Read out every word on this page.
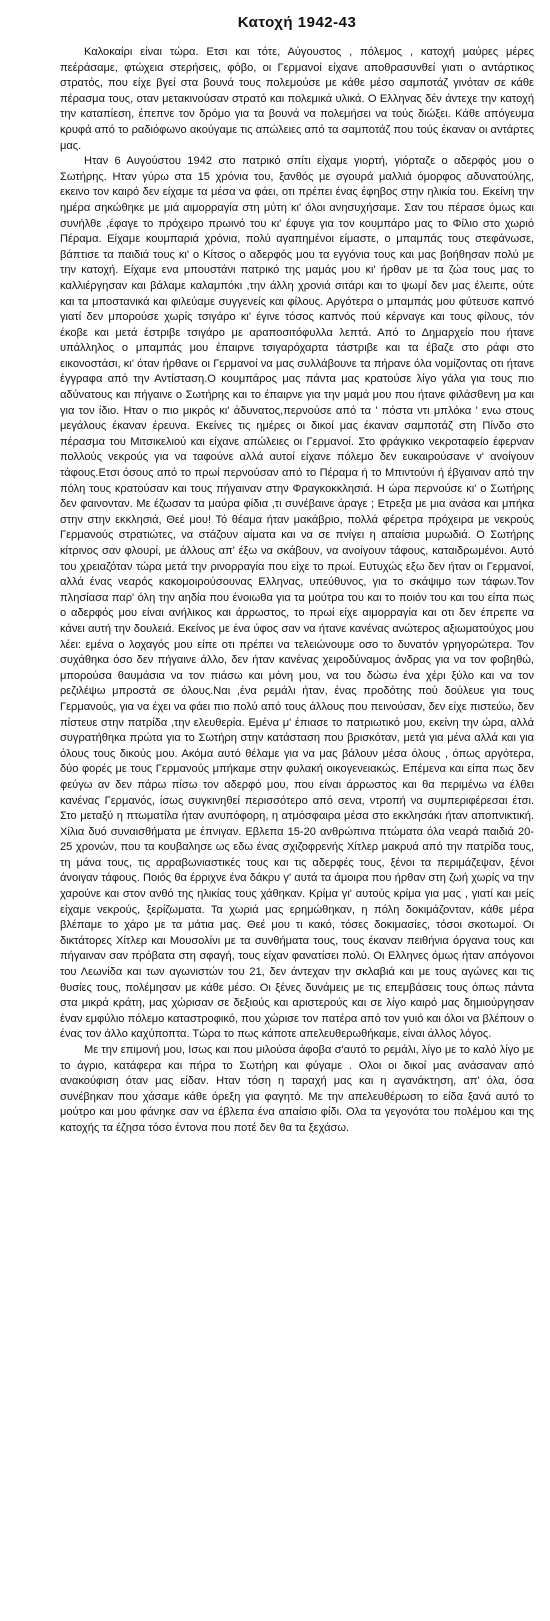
Κατοχή 1942-43

Καλοκαίρι είναι τώρα. Ετσι και τότε, Αύγουστος , πόλεμος , κατοχή μαύρες μέρες πεέράσαμε, φτώχεια στερήσεις, φόβο, οι Γερμανοί είχανε αποθρασυνθεί γιατι ο αντάρτικος στρατός, που είχε βγεί στα βουνά τους πολεμούσε με κάθε μέσο σαμποτάζ γινόταν σε κάθε πέρασμα τους, οταν μετακινούσαν στρατό και πολεμικά υλικά. Ο Ελληνας δέν άντεχε την κατοχή την καταπίεση, έπεπνε τον δρόμο για τα βουνά να πολεμήσει να τούς διώξει. Κάθε απόγευμα κρυφά από το ραδιόφωνο ακούγαμε τις απώλειες από τα σαμποτάζ που τούς έκαναν οι αντάρτες μας.

Ηταν 6 Αυγούστου 1942 στο πατρικό σπίτι είχαμε γιορτή, γιόρταζε ο αδερφός μου ο Σωτήρης. Ηταν γύρω στα 15 χρόνια του, ξανθός με σγουρά μαλλιά όμορφος αδυνατούλης, εκεινο τον καιρό δεν είχαμε τα μέσα να φάει, οτι πρέπει ένας έφηβος στην ηλικία του. Εκείνη την ημέρα σηκώθηκε με μιά αιμορραγία στη μύτη κι' όλοι ανησυχήσαμε. Σαν του πέρασε όμως και συνήλθε ,έφαγε το πρόχειρο πρωινό του κι' έφυγε για τον κουμπάρο μας το Φίλιο στο χωριό Πέραμα. Είχαμε κουμπαριά χρόνια, πολύ αγαπημένοι είμαστε, ο μπαμπάς τους στεφάνωσε, βάπτισε τα παιδιά τους κι' ο Κίτσος ο αδερφός μου τα εγγόνια τους και μας βοήθησαν πολύ με την κατοχή. Είχαμε ενα μπουστάνι πατρικό της μαμάς μου κι' ήρθαν με τα ζώα τους μας το καλλιέργησαν και βάλαμε καλαμπόκι ,την άλλη χρονιά σιτάρι και το ψωμί δεν μας έλειπε, ούτε και τα μποστανικά και φιλεύαμε συγγενείς και φίλους. Αργότερα ο μπαμπάς μου φύτευσε καπνό γιατί δεν μπορούσε χωρίς τσιγάρο κι' έγινε τόσος καπνός πού κέρναγε και τους φίλους, τόν έκοβε και μετά έστριβε τσιγάρο με αραποσιτόφυλλα λεπτά. Από το Δημαρχείο που ήτανε υπάλληλος ο μπαμπάς μου έπαιρνε τσιγαρόχαρτα τάστριβε και τα έβαζε στο ράφι στο εικονοστάσι, κι' όταν ήρθανε οι Γερμανοί να μας συλλάβουνε τα πήρανε όλα νομίζοντας οτι ήτανε έγγραφα από την Αντίσταση.Ο κουμπάρος μας πάντα μας κρατούσε λίγο γάλα για τους πιο αδύνατους και πήγαινε ο Σωτήρης και το έπαιρνε για την μαμά μου που ήτανε φιλάσθενη μα και για τον ίδιο. Ηταν ο πιο μικρός κι' άδυνατος,περνούσε από τα ' πόστα ντι μπλόκα ' ενω στους μεγάλους έκαναν έρευνα. Εκείνες τις ημέρες οι δικοί μας έκαναν σαμποτάζ στη Πίνδο στο πέρασμα του Μιτσικελιού και είχανε απώλειες οι Γερμανοί. Στο φράγκικο νεκροταφείο έφερναν πολλούς νεκρούς για να ταφούνε αλλά αυτοί είχανε πόλεμο δεν ευκαιρούσανε ν' ανοίγουν τάφους.Ετσι όσους από το πρωί περνούσαν από το Πέραμα ή το Μπιντούνι ή έβγαιναν από την πόλη τους κρατούσαν και τους πήγαιναν στην Φραγκοκκλησιά. Η ώρα περνούσε κι' ο Σωτήρης δεν φαινονταν. Με έζωσαν τα μαύρα φίδια ,τι συνέβαινε άραγε ; Ετρεξα με μια ανάσα και μπήκα στην στην εκκλησιά, Θεέ μου! Τό θέαμα ήταν μακάβριο, πολλά φέρετρα πρόχειρα με νεκρούς Γερμανούς στρατιώτες, να στάζουν αίματα και να σε πνίγει η απαίσια μυρωδιά. Ο Σωτήρης κίτρινος σαν φλουρί, με άλλους απ' έξω να σκάβουν, να ανοίγουν τάφους, καταιδρωμένοι. Αυτό του χρειαζόταν τώρα μετά την ρινορραγία που είχε το πρωί. Ευτυχώς εξω δεν ήταν οι Γερμανοί, αλλά ένας νεαρός κακομοιρούσουνας Ελληνας, υπεύθυνος, για το σκάψιμο των τάφων.Τον πλησίασα παρ' όλη την αηδία που ένοιωθα για τα μούτρα του και το ποιόν του και του είπα πως ο αδερφός μου είναι ανήλικος και άρρωστος, το πρωί είχε αιμορραγία και οτι δεν έπρεπε να κάνει αυτή την δουλειά. Εκείνος με ένα ύφος σαν να ήτανε κανένας ανώτερος αξιωματούχος μου λέει: εμένα ο λοχαγός μου είπε οτι πρέπει να τελειώνουμε οσο το δυνατόν γρηγορώτερα. Τον συχάθηκα όσο δεν πήγαινε άλλο, δεν ήταν κανένας χειροδύναμος άνδρας για να τον φοβηθώ, μπορούσα θαυμάσια να τον πιάσω και μόνη μου, να του δώσω ένα χέρι ξύλο και να τον ρεζιλέψω μπροστά σε όλους.Ναι ,ένα ρεμάλι ήταν, ένας προδότης πού δούλευε για τους Γερμανούς, για να έχει να φάει πιο πολύ από τους άλλους που πεινούσαν, δεν είχε πιστεύω, δεν πίστευε στην πατρίδα ,την ελευθερία. Εμένα μ' έπιασε το πατριωτικό μου, εκείνη την ώρα, αλλά συγρατήθηκα πρώτα για το Σωτήρη στην κατάσταση που βρισκόταν, μετά για μένα αλλά και για όλους τους δικούς μου. Ακόμα αυτό θέλαμε για να μας βάλουν μέσα όλους , όπως αργότερα, δύο φορές με τους Γερμανούς μπήκαμε στην φυλακή οικογενειακώς. Επέμενα και είπα πως δεν φεύγω αν δεν πάρω πίσω τον αδερφό μου, που είναι άρρωστος και θα περιμένω να έλθει κανένας Γερμανός, ίσως συγκινηθεί περισσότερο από σενα, ντροπή να συμπεριφέρεσαι έτσι. Στο μεταξύ η πτωματίλα ήταν ανυπόφορη, η ατμόσφαιρα μέσα στο εκκλησάκι ήταν αποπνικτική. Χίλια δυό συναισθήματα με έπνιγαν. Εβλεπα 15-20 ανθρώπινα πτώματα όλα νεαρά παιδιά 20-25 χρονών, που τα κουβαλησε ως εδω ένας σχιζοφρενής Χίτλερ μακρυά από την πατρίδα τους, τη μάνα τους, τις αρραβωνιαστικές τους και τις αδερφές τους, ξένοι τα περιμάζεψαν, ξένοι άνοιγαν τάφους. Ποιός θα έρριχνε ένα δάκρυ γ' αυτά τα άμοιρα που ήρθαν στη ζωή χωρίς να την χαρούνε και στον ανθό της ηλικίας τους χάθηκαν. Κρίμα γι' αυτούς κρίμα για μας , γιατί και μείς είχαμε νεκρούς, ξερίζωματα. Τα χωριά μας ερημώθηκαν, η πόλη δοκιμάζονταν, κάθε μέρα βλέπαμε το χάρο με τα μάτια μας. Θεέ μου τι κακό, τόσες δοκιμασίες, τόσοι σκοτωμοί. Οι δικτάτορες Χίτλερ και Μουσολίνι με τα συνθήματα τους, τους έκαναν πειθήνια όργανα τους και πήγαιναν σαν πρόβατα στη σφαγή, τους είχαν φανατίσει πολύ. Οι Ελληνες όμως ήταν απόγονοι του Λεωνίδα και των αγωνιστών του 21, δεν άντεχαν την σκλαβιά και με τους αγώνες και τις θυσίες τους, πολέμησαν με κάθε μέσο. Οι ξένες δυνάμεις με τις επεμβάσεις τους όπως πάντα στα μικρά κράτη, μας χώρισαν σε δεξιούς και αριστερούς και σε λίγο καιρό μας δημιούργησαν έναν εμφύλιο πόλεμο καταστροφικό, που χώρισε τον πατέρα από τον γυιό και όλοι να βλέπουν ο ένας τον άλλο καχύποπτα. Τώρα το πως κάποτε απελευθερωθήκαμε, είναι άλλος λόγος.

Με την επιμονή μου, Ισως και που μιλούσα άφοβα σ'αυτό το ρεμάλι, λίγο με το καλό λίγο με το άγριο, κατάφερα και πήρα το Σωτήρη και φύγαμε . Ολοι οι δικοί μας ανάσαναν από ανακούφιση όταν μας είδαν. Ηταν τόση η ταραχή μας και η αγανάκτηση, απ' όλα, όσα συνέβηκαν που χάσαμε κάθε όρεξη για φαγητό. Με την απελευθέρωση το είδα ξανά αυτό το μούτρο και μου φάνηκε σαν να έβλεπα ένα απαίσιο φίδι. Ολα τα γεγονότα του πολέμου και της κατοχής τα έζησα τόσο έντονα που ποτέ δεν θα τα ξεχάσω.
